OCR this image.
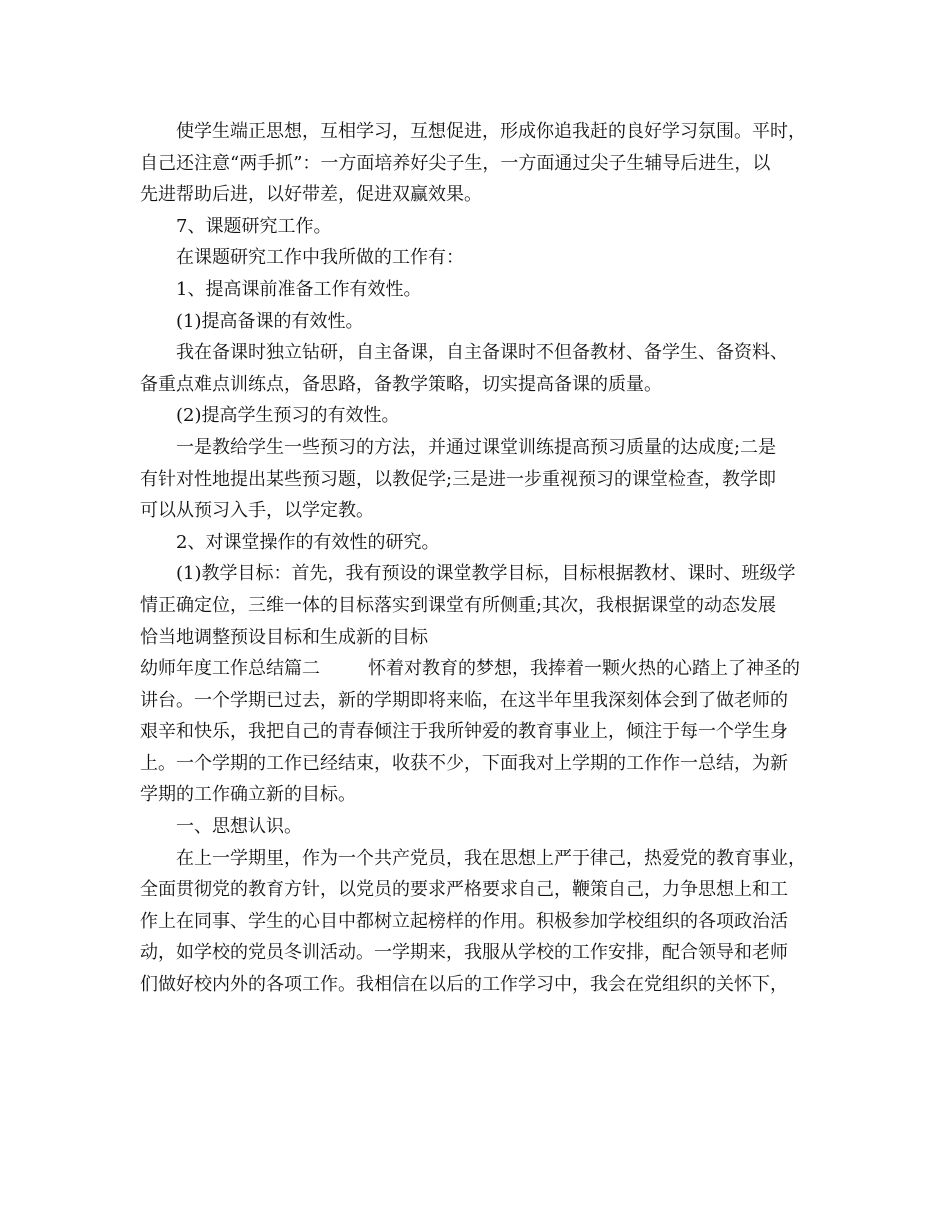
使学生端正思想，互相学习，互想促进，形成你追我赶的良好学习氛围。平时，

自己还注意“两手抓”：一方面培养好尖子生，一方面通过尖子生辅导后进生，以

先进帮助后进，以好带差，促进双赢效果。

7、课题研究工作。

在课题研究工作中我所做的工作有：

1、提高课前准备工作有效性。

(1)提高备课的有效性。

我在备课时独立钻研，自主备课，自主备课时不但备教材、备学生、备资料、

备重点难点训练点，备思路，备教学策略，切实提高备课的质量。

(2)提高学生预习的有效性。

一是教给学生一些预习的方法，并通过课堂训练提高预习质量的达成度;二是

有针对性地提出某些预习题，以教促学;三是进一步重视预习的课堂检查，教学即

可以从预习入手，以学定教。

2、对课堂操作的有效性的研究。

(1)教学目标：首先，我有预设的课堂教学目标，目标根据教材、课时、班级学

情正确定位，三维一体的目标落实到课堂有所侧重;其次，我根据课堂的动态发展

恰当地调整预设目标和生成新的目标

幼师年度工作总结篇二	怀着对教育的梦想，我捧着一颗火热的心踏上了神圣的

讲台。一个学期已过去，新的学期即将来临，在这半年里我深刻体会到了做老师的

艰辛和快乐，我把自己的青春倾注于我所钟爱的教育事业上，倾注于每一个学生身

上。一个学期的工作已经结束，收获不少，下面我对上学期的工作作一总结，为新

学期的工作确立新的目标。

一、思想认识。

在上一学期里，作为一个共产党员，我在思想上严于律己，热爱党的教育事业，

全面贯彻党的教育方针，以党员的要求严格要求自己，鞭策自己，力争思想上和工

作上在同事、学生的心目中都树立起榜样的作用。积极参加学校组织的各项政治活

动，如学校的党员冬训活动。一学期来，我服从学校的工作安排，配合领导和老师

们做好校内外的各项工作。我相信在以后的工作学习中，我会在党组织的关怀下，
